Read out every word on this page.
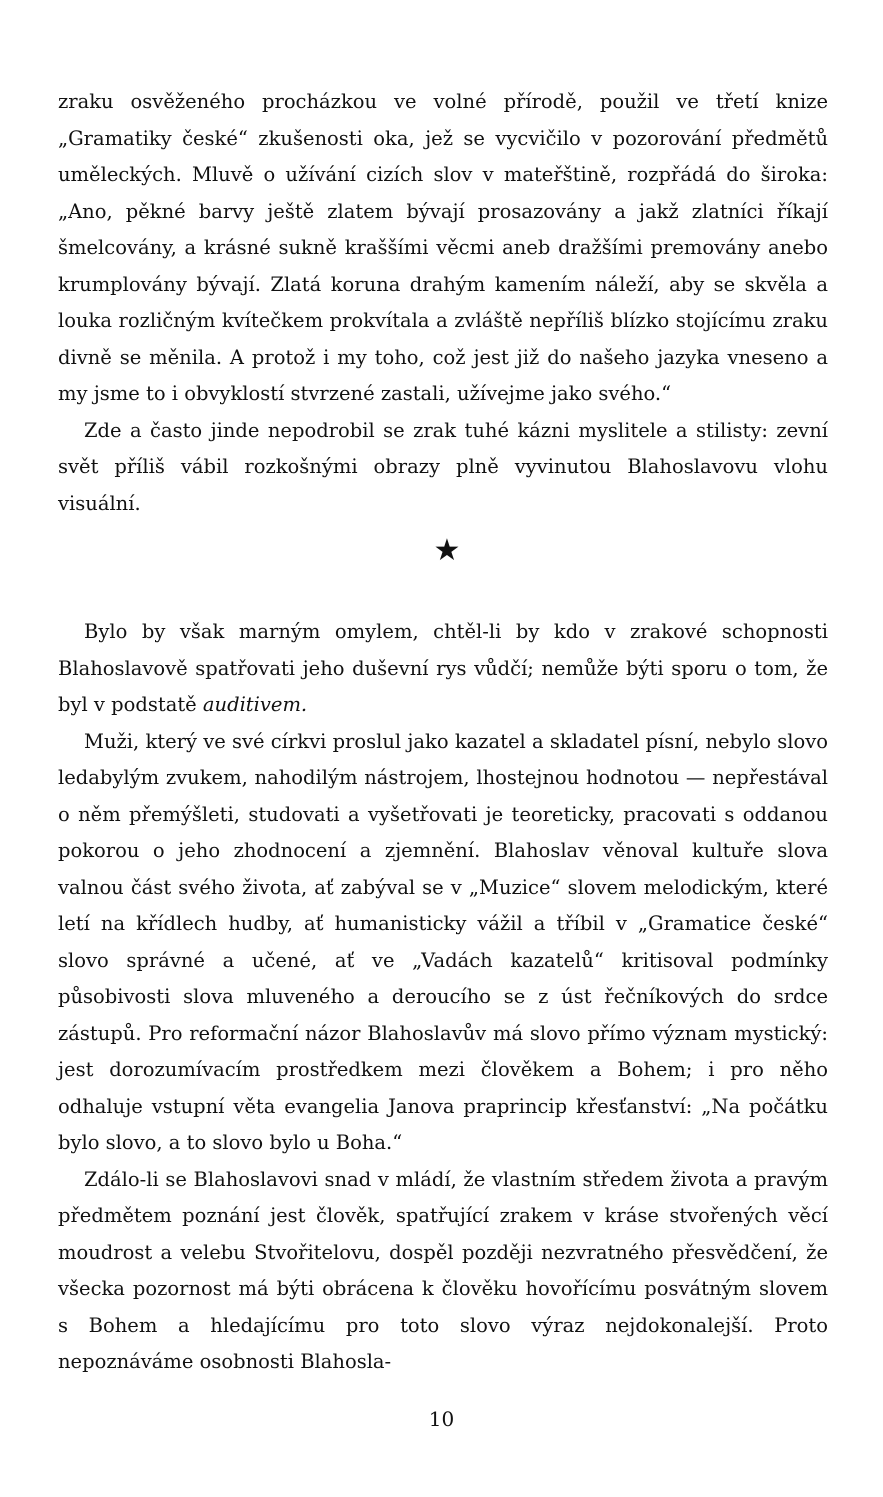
zraku osvěženého procházkou ve volné přírodě, použil ve třetí knize „Gramatiky české“ zkušenosti oka, jež se vycvičilo v pozorování předmětů uměleckých. Mluvě o užívání cizích slov v mateřštině, rozpřádá do široka: „Ano, pěkné barvy ještě zlatem bývají prosazovány a jakž zlatníci říkají šmelcovány, a krásné sukně kraššími věcmi aneb dražšími premovány anebo krumplovány bývají. Zlatá koruna drahým kamením náleží, aby se skvěla a louka rozličným kvítečkem prokvítala a zvláště nepříliš blízko stojícímu zraku divně se měnila. A protož i my toho, což jest již do našeho jazyka vneseno a my jsme to i obvyklostí stvrzené zastali, užívejme jako svého.“

Zde a často jinde nepodrobil se zrak tuhé kázni myslitele a stilisty: zevní svět příliš vábil rozkošnými obrazy plně vyvinutou Blahoslavovu vlohu visuální.

★

Bylo by však marným omylem, chtěl-li by kdo v zrakové schopnosti Blahoslavově spatřovati jeho duševní rys vůdčí; nemůže býti sporu o tom, že byl v podstatě auditivem.

Muži, který ve své církvi proslul jako kazatel a skladatel písní, nebylo slovo ledabylým zvukem, nahodilým nástrojem, lhostejnou hodnotou — nepřestával o něm přemýšleti, studovati a vyšetřovati je teoreticky, pracovati s oddanou pokorou o jeho zhodnocení a zjemnění. Blahoslav věnoval kultuře slova valnou část svého života, ať zabýval se v „Muzice“ slovem melodickým, které letí na křídlech hudby, ať humanisticky vážil a tříbil v „Gramatice české“ slovo správné a učené, ať ve „Vadách kazatelů“ kritisoval podmínky působivosti slova mluveného a deroucího se z úst řečníkových do srdce zástupů. Pro reformační názor Blahoslavův má slovo přímo význam mystický: jest dorozumívacím prostředkem mezi člověkem a Bohem; i pro něho odhaluje vstupní věta evangelia Janova praprincip křesťanství: „Na počátku bylo slovo, a to slovo bylo u Boha.“

Zdálo-li se Blahoslavovi snad v mládí, že vlastním středem života a pravým předmětem poznání jest člověk, spatřující zrakem v kráse stvořených věcí moudrost a velebu Stvořitelovu, dospěl později nezvratného přesvědčení, že všecka pozornost má býti obrácena k člověku hovořícímu posvátným slovem s Bohem a hledajícímu pro toto slovo výraz nejdokonalejší. Proto nepoznáváme osobnosti Blahosla-

10
